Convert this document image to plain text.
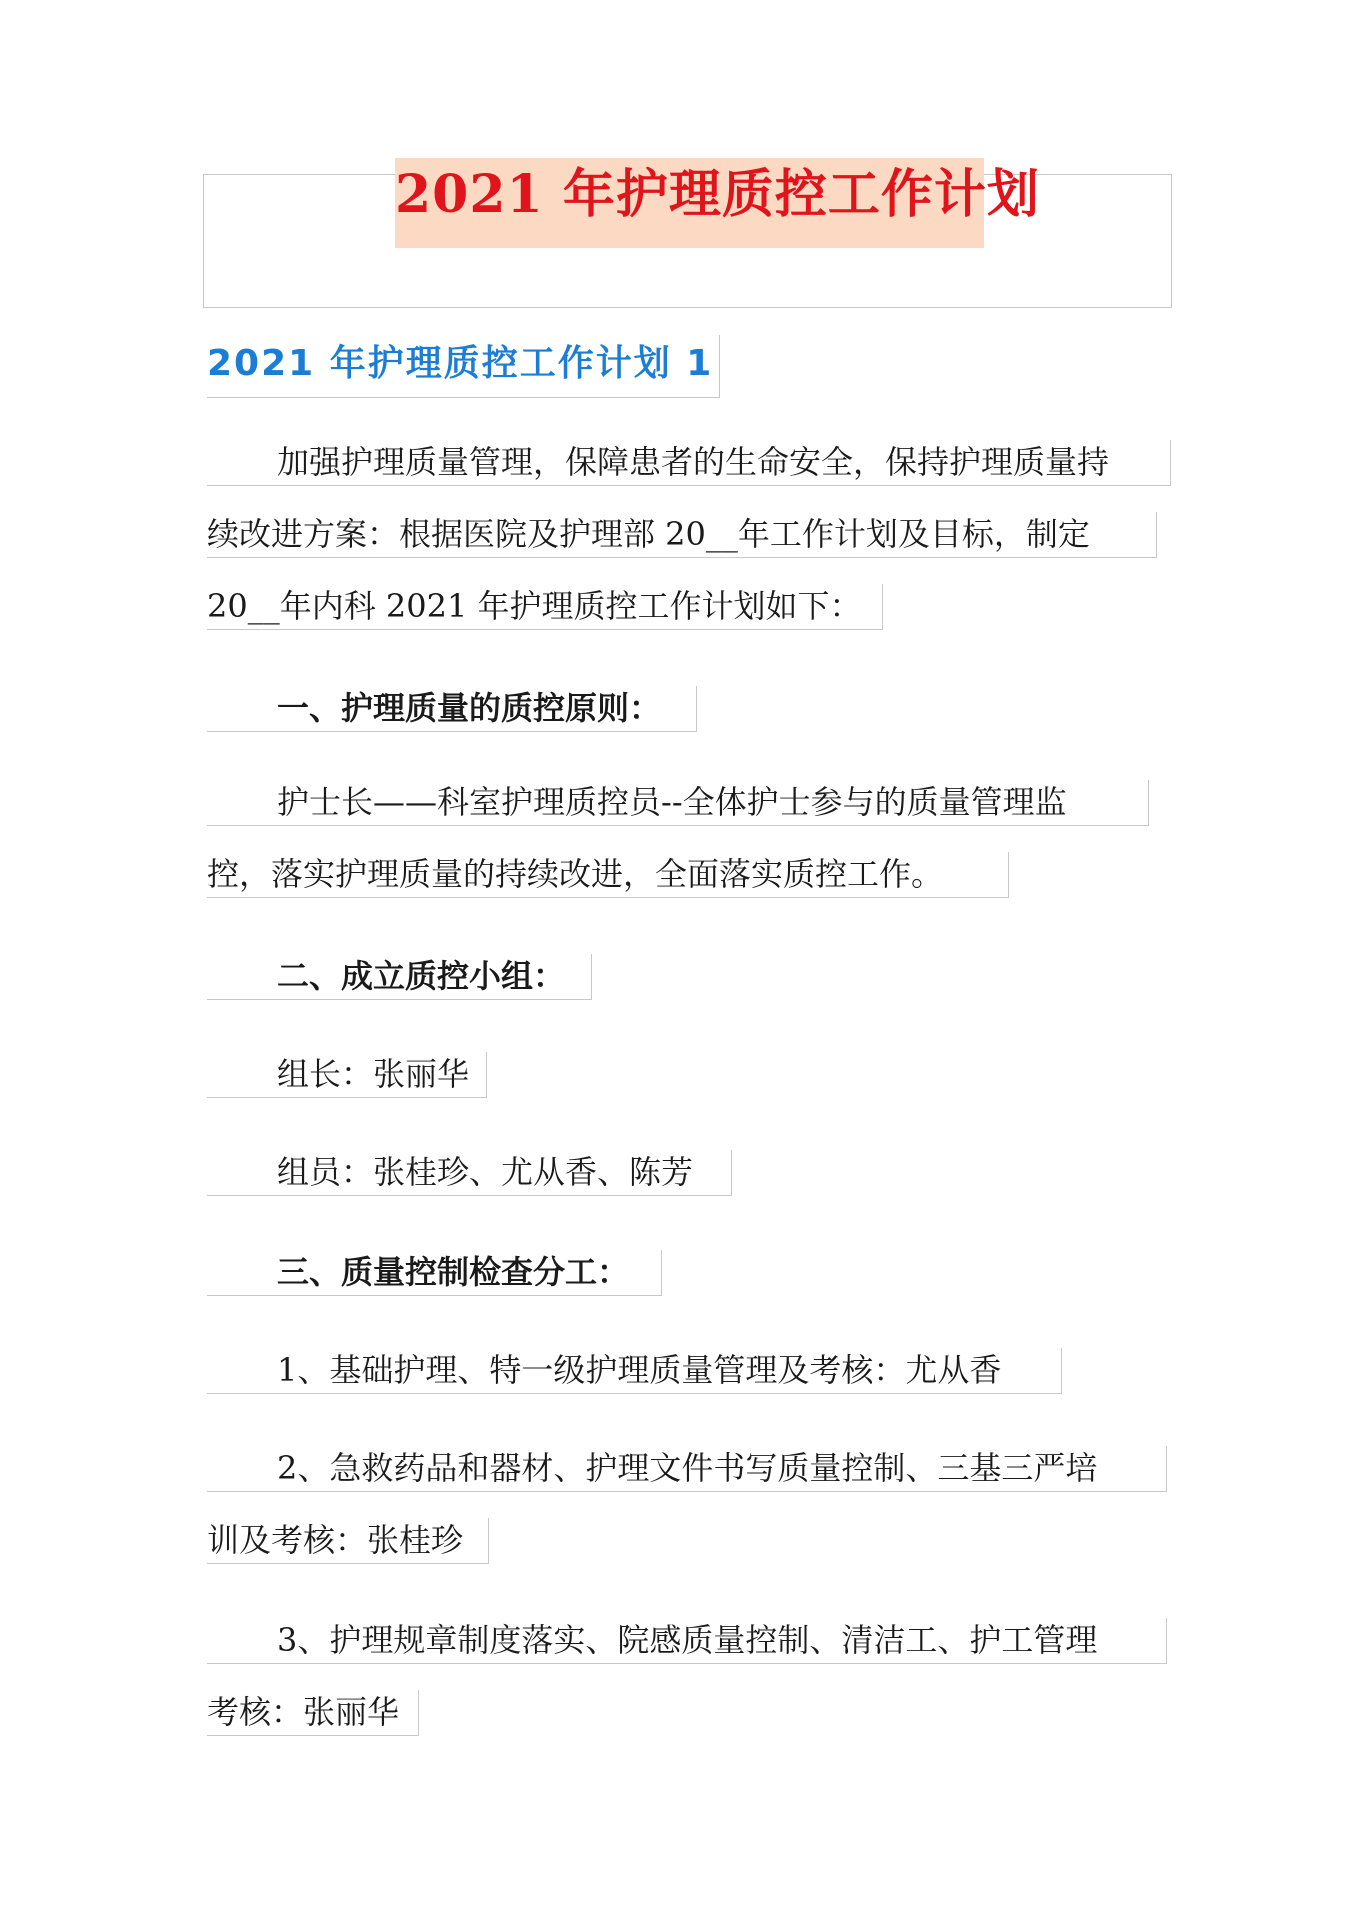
2021 年护理质控工作计划
2021 年护理质控工作计划 1
加强护理质量管理，保障患者的生命安全，保持护理质量持
续改进方案：根据医院及护理部 20__年工作计划及目标，制定
20__年内科 2021 年护理质控工作计划如下：
一、护理质量的质控原则：
护士长——科室护理质控员--全体护士参与的质量管理监
控，落实护理质量的持续改进，全面落实质控工作。
二、成立质控小组：
组长：张丽华
组员：张桂珍、尤从香、陈芳
三、质量控制检查分工：
1、基础护理、特一级护理质量管理及考核：尤从香
2、急救药品和器材、护理文件书写质量控制、三基三严培
训及考核：张桂珍
3、护理规章制度落实、院感质量控制、清洁工、护工管理
考核：张丽华
